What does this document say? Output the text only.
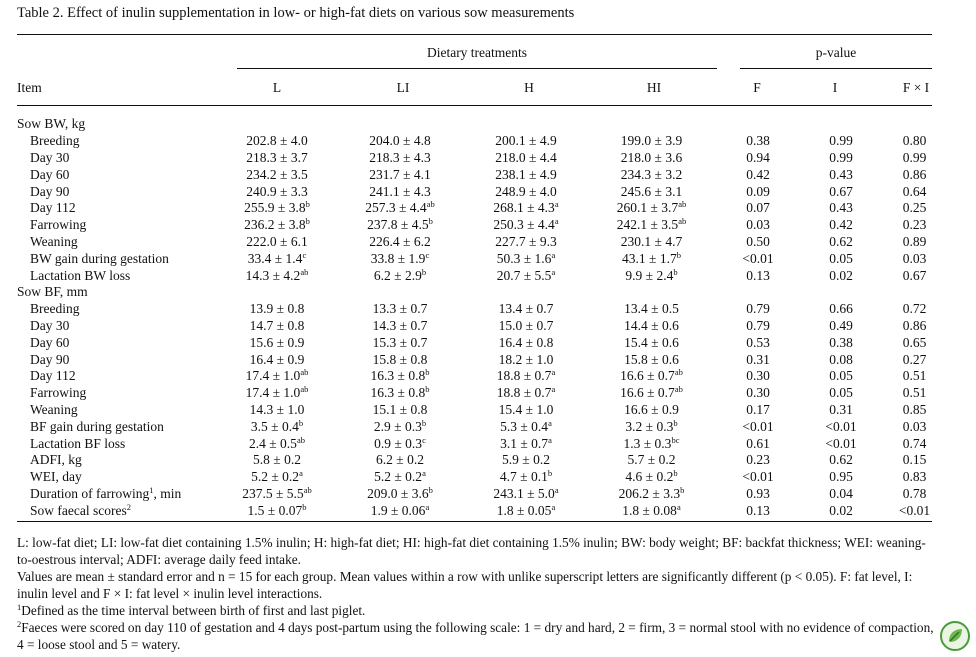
Table 2. Effect of inulin supplementation in low- or high-fat diets on various sow measurements
Dietary treatments	p-value
Item	L	LI	H	HI	F	I	F × I
Sow BW, kg							
Breeding	202.8 ± 4.0	204.0 ± 4.8	200.1 ± 4.9	199.0 ± 3.9	0.38	0.99	0.80
Day 30	218.3 ± 3.7	218.3 ± 4.3	218.0 ± 4.4	218.0 ± 3.6	0.94	0.99	0.99
Day 60	234.2 ± 3.5	231.7 ± 4.1	238.1 ± 4.9	234.3 ± 3.2	0.42	0.43	0.86
Day 90	240.9 ± 3.3	241.1 ± 4.3	248.9 ± 4.0	245.6 ± 3.1	0.09	0.67	0.64
Day 112	255.9 ± 3.8$^b$	257.3 ± 4.4$^{ab}$	268.1 ± 4.3$^a$	260.1 ± 3.7$^{ab}$	0.07	0.43	0.25
Farrowing	236.2 ± 3.8$^b$	237.8 ± 4.5$^b$	250.3 ± 4.4$^a$	242.1 ± 3.5$^{ab}$	0.03	0.42	0.23
Weaning	222.0 ± 6.1	226.4 ± 6.2	227.7 ± 9.3	230.1 ± 4.7	0.50	0.62	0.89
BW gain during gestation	33.4 ± 1.4$^c$	33.8 ± 1.9$^c$	50.3 ± 1.6$^a$	43.1 ± 1.7$^b$	<0.01	0.05	0.03
Lactation BW loss	14.3 ± 4.2$^{ab}$	6.2 ± 2.9$^b$	20.7 ± 5.5$^a$	9.9 ± 2.4$^b$	0.13	0.02	0.67
Sow BF, mm							
Breeding	13.9 ± 0.8	13.3 ± 0.7	13.4 ± 0.7	13.4 ± 0.5	0.79	0.66	0.72
Day 30	14.7 ± 0.8	14.3 ± 0.7	15.0 ± 0.7	14.4 ± 0.6	0.79	0.49	0.86
Day 60	15.6 ± 0.9	15.3 ± 0.7	16.4 ± 0.8	15.4 ± 0.6	0.53	0.38	0.65
Day 90	16.4 ± 0.9	15.8 ± 0.8	18.2 ± 1.0	15.8 ± 0.6	0.31	0.08	0.27
Day 112	17.4 ± 1.0$^{ab}$	16.3 ± 0.8$^b$	18.8 ± 0.7$^a$	16.6 ± 0.7$^{ab}$	0.30	0.05	0.51
Farrowing	17.4 ± 1.0$^{ab}$	16.3 ± 0.8$^b$	18.8 ± 0.7$^a$	16.6 ± 0.7$^{ab}$	0.30	0.05	0.51
Weaning	14.3 ± 1.0	15.1 ± 0.8	15.4 ± 1.0	16.6 ± 0.9	0.17	0.31	0.85
BF gain during gestation	3.5 ± 0.4$^b$	2.9 ± 0.3$^b$	5.3 ± 0.4$^a$	3.2 ± 0.3$^b$	<0.01	<0.01	0.03
Lactation BF loss	2.4 ± 0.5$^{ab}$	0.9 ± 0.3$^c$	3.1 ± 0.7$^a$	1.3 ± 0.3$^{bc}$	0.61	<0.01	0.74
ADFI, kg	5.8 ± 0.2	6.2 ± 0.2	5.9 ± 0.2	5.7 ± 0.2	0.23	0.62	0.15
WEI, day	5.2 ± 0.2$^a$	5.2 ± 0.2$^a$	4.7 ± 0.1$^b$	4.6 ± 0.2$^b$	<0.01	0.95	0.83
Duration of farrowing$^1$, min	237.5 ± 5.5$^{ab}$	209.0 ± 3.6$^b$	243.1 ± 5.0$^a$	206.2 ± 3.3$^b$	0.93	0.04	0.78
Sow faecal scores$^2$	1.5 ± 0.07$^b$	1.9 ± 0.06$^a$	1.8 ± 0.05$^a$	1.8 ± 0.08$^a$	0.13	0.02	<0.01

L: low-fat diet; LI: low-fat diet containing 1.5% inulin; H: high-fat diet; HI: high-fat diet containing 1.5% inulin; BW: body weight; BF: backfat thickness; WEI: weaning-to-oestrous interval; ADFI: average daily feed intake.

Values are mean ± standard error and n = 15 for each group. Mean values within a row with unlike superscript letters are significantly different (p < 0.05). F: fat level, I: inulin level and F × I: fat level × inulin level interactions.

$^1$Defined as the time interval between birth of first and last piglet.

$^2$Faeces were scored on day 110 of gestation and 4 days post-partum using the following scale: 1 = dry and hard, 2 = firm, 3 = normal stool with no evidence of compaction, 4 = loose stool and 5 = watery.
